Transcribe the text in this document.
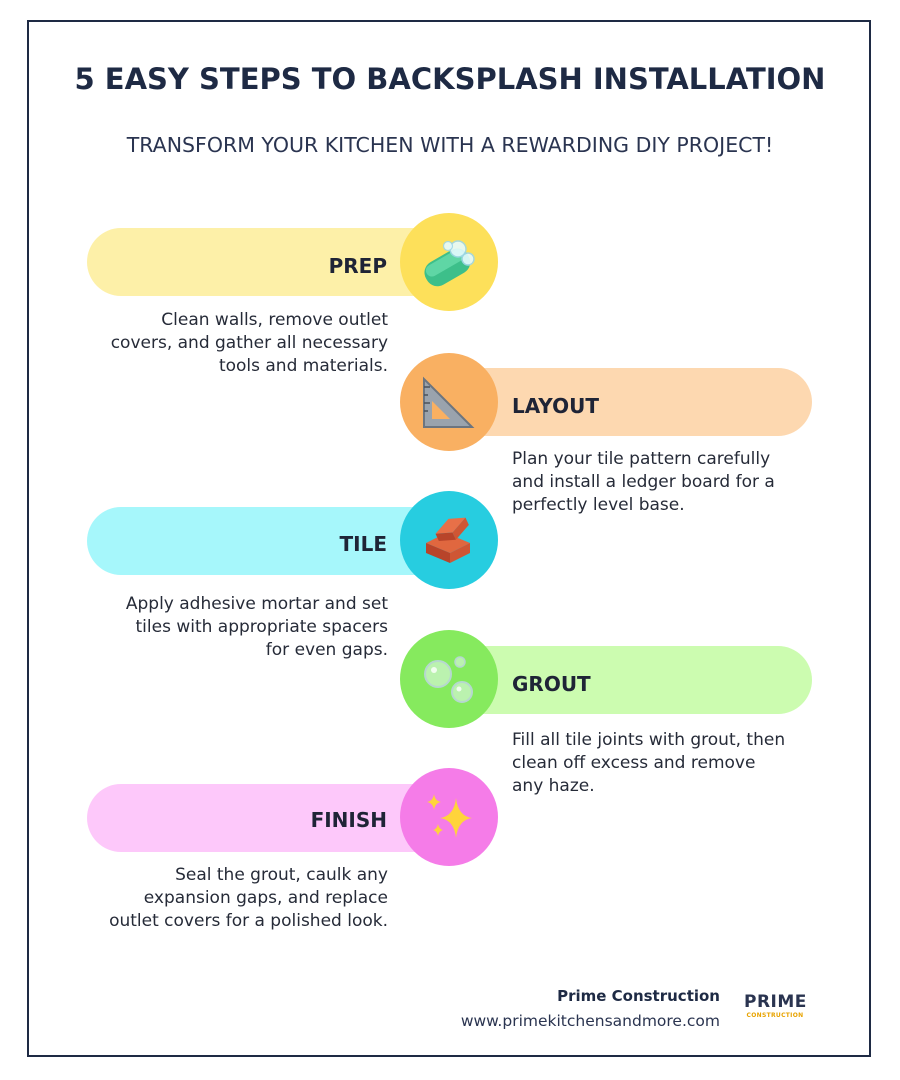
5 EASY STEPS TO BACKSPLASH INSTALLATION
TRANSFORM YOUR KITCHEN WITH A REWARDING DIY PROJECT!
PREP
Clean walls, remove outlet covers, and gather all necessary tools and materials.
LAYOUT
Plan your tile pattern carefully and install a ledger board for a perfectly level base.
TILE
Apply adhesive mortar and set tiles with appropriate spacers for even gaps.
GROUT
Fill all tile joints with grout, then clean off excess and remove any haze.
FINISH
Seal the grout, caulk any expansion gaps, and replace outlet covers for a polished look.
Prime Construction
www.primekitchensandmore.com
PRIME
CONSTRUCTION
